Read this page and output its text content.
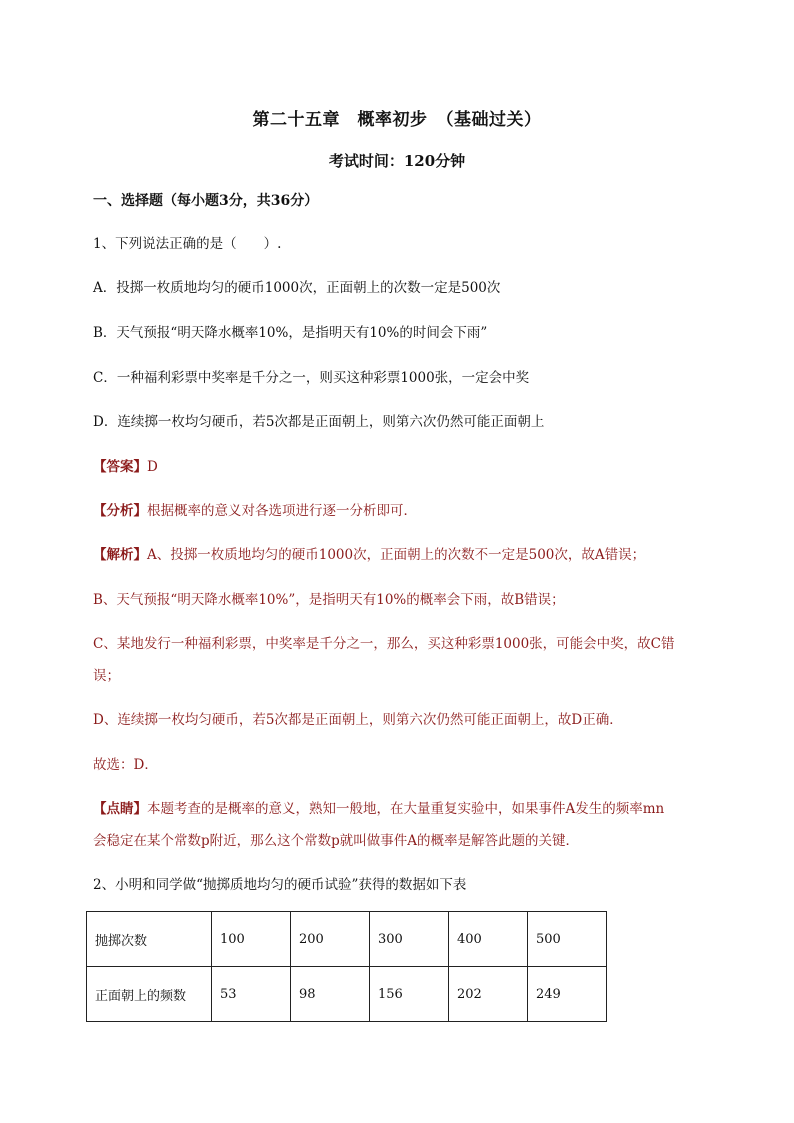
第二十五章　概率初步　（基础过关）
考试时间：120分钟
一、选择题（每小题3分，共36分）
1、下列说法正确的是（　　）.
A．投掷一枚质地均匀的硬币1000次，正面朝上的次数一定是500次
B．天气预报“明天降水概率10%，是指明天有10%的时间会下雨”
C．一种福利彩票中奖率是千分之一，则买这种彩票1000张，一定会中奖
D．连续掷一枚均匀硬币，若5次都是正面朝上，则第六次仍然可能正面朝上
【答案】D
【分析】根据概率的意义对各选项进行逐一分析即可．
【解析】A、投掷一枚质地均匀的硬币1000次，正面朝上的次数不一定是500次，故A错误；
B、天气预报“明天降水概率10%”，是指明天有10%的概率会下雨，故B错误；
C、某地发行一种福利彩票，中奖率是千分之一，那么，买这种彩票1000张，可能会中奖，故C错
误；
D、连续掷一枚均匀硬币，若5次都是正面朝上，则第六次仍然可能正面朝上，故D正确．
故选：D．
【点睛】本题考查的是概率的意义，熟知一般地，在大量重复实验中，如果事件A发生的频率mn
会稳定在某个常数p附近，那么这个常数p就叫做事件A的概率是解答此题的关键．
2、小明和同学做“抛掷质地均匀的硬币试验”获得的数据如下表
抛掷次数	100	200	300	400	500
正面朝上的频数	53	98	156	202	249
